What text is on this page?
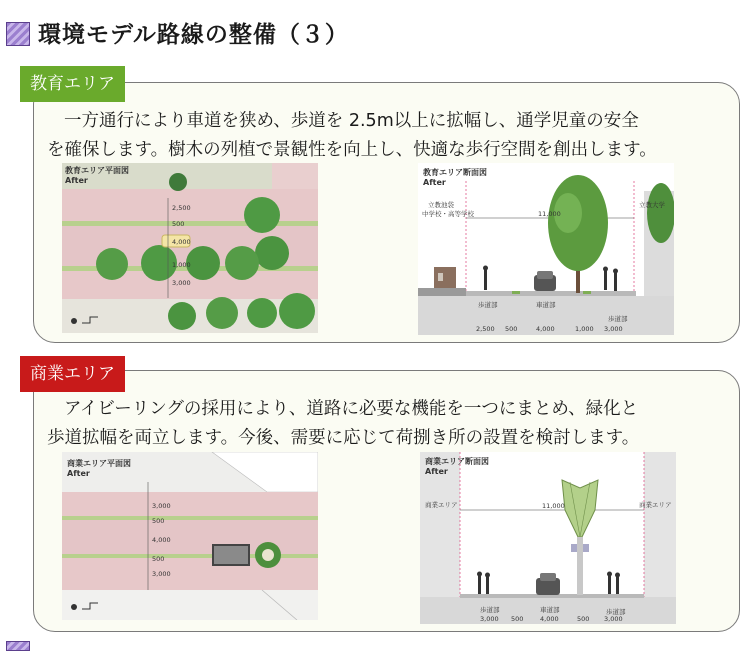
環境モデル路線の整備（３）
教育エリア
一方通行により車道を狭め、歩道を 2.5m以上に拡幅し、通学児童の安全
を確保します。樹木の列植で景観性を向上し、快適な歩行空間を創出します。
教育エリア平面図
After
2,500
500
4,000
1,000
3,000
教育エリア断面図
After
立教池袋
中学校・高等学校
立教大学
11,000
歩道部	車道部
歩道部
2,500 500	4,000	1,000 3,000
商業エリア
アイビーリングの採用により、道路に必要な機能を一つにまとめ、緑化と
歩道拡幅を両立します。今後、需要に応じて荷捌き所の設置を検討します。
商業エリア平面図
After
3,000
500
4,000
500
3,000
商業エリア断面図
After
商業エリア	商業エリア
11,000
歩道部	車道部	歩道部
3,000 500	4,000	500 3,000
